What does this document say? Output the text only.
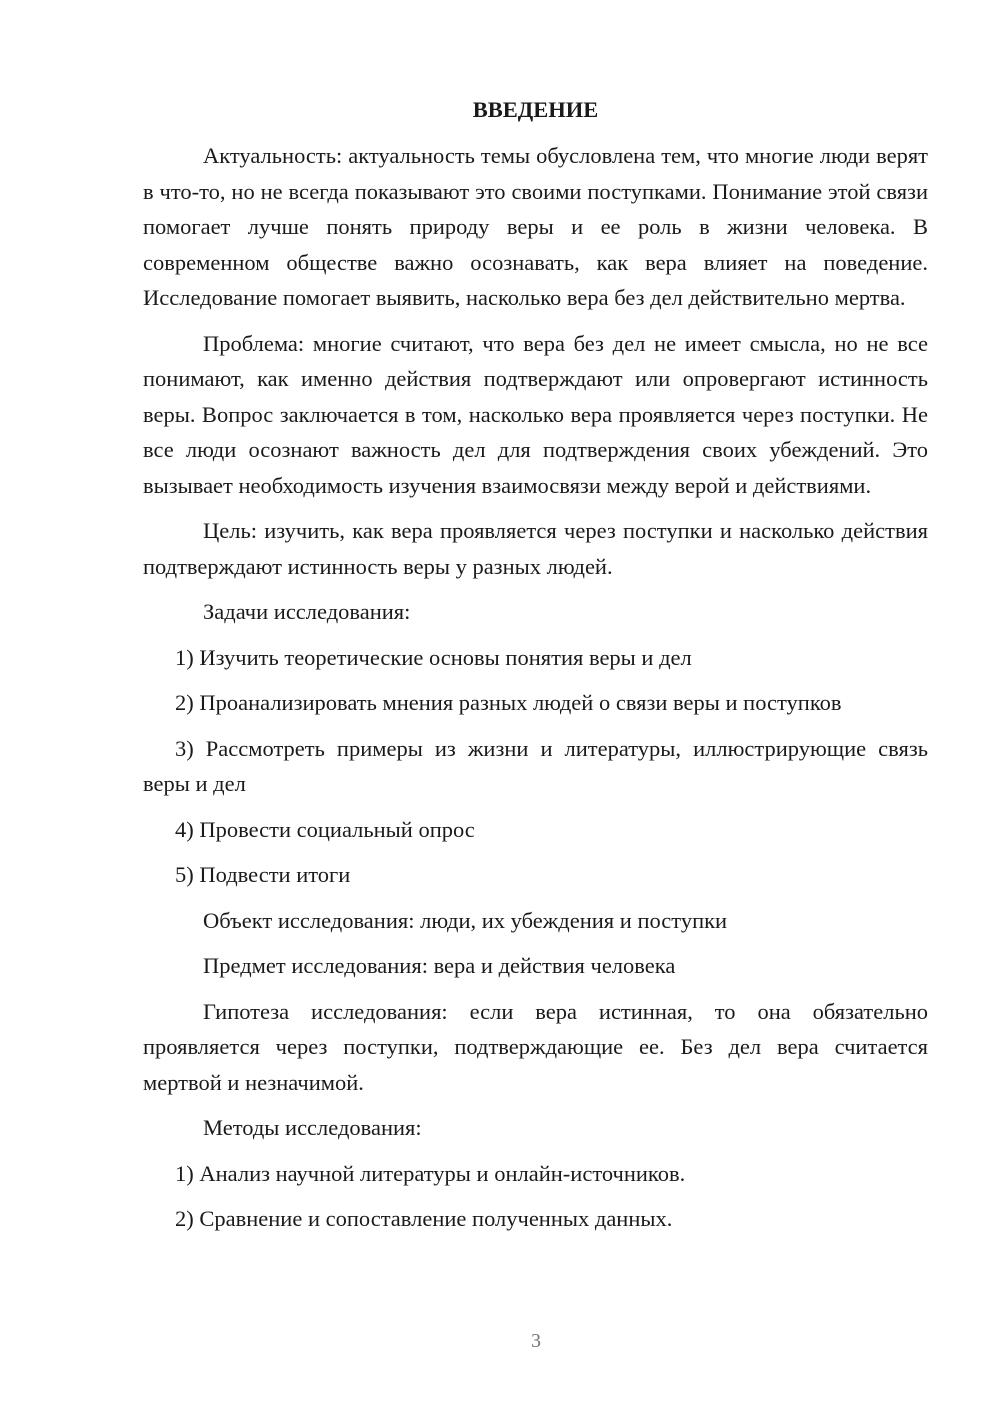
ВВЕДЕНИЕ
Актуальность: актуальность темы обусловлена тем, что многие люди верят в что-то, но не всегда показывают это своими поступками. Понимание этой связи помогает лучше понять природу веры и ее роль в жизни человека. В современном обществе важно осознавать, как вера влияет на поведение. Исследование помогает выявить, насколько вера без дел действительно мертва.
Проблема: многие считают, что вера без дел не имеет смысла, но не все понимают, как именно действия подтверждают или опровергают истинность веры. Вопрос заключается в том, насколько вера проявляется через поступки. Не все люди осознают важность дел для подтверждения своих убеждений. Это вызывает необходимость изучения взаимосвязи между верой и действиями.
Цель: изучить, как вера проявляется через поступки и насколько действия подтверждают истинность веры у разных людей.
Задачи исследования:
1) Изучить теоретические основы понятия веры и дел
2) Проанализировать мнения разных людей о связи веры и поступков
3) Рассмотреть примеры из жизни и литературы, иллюстрирующие связь веры и дел
4) Провести социальный опрос
5) Подвести итоги
Объект исследования: люди, их убеждения и поступки
Предмет исследования: вера и действия человека
Гипотеза исследования: если вера истинная, то она обязательно проявляется через поступки, подтверждающие ее. Без дел вера считается мертвой и незначимой.
Методы исследования:
1) Анализ научной литературы и онлайн-источников.
2) Сравнение и сопоставление полученных данных.
3
